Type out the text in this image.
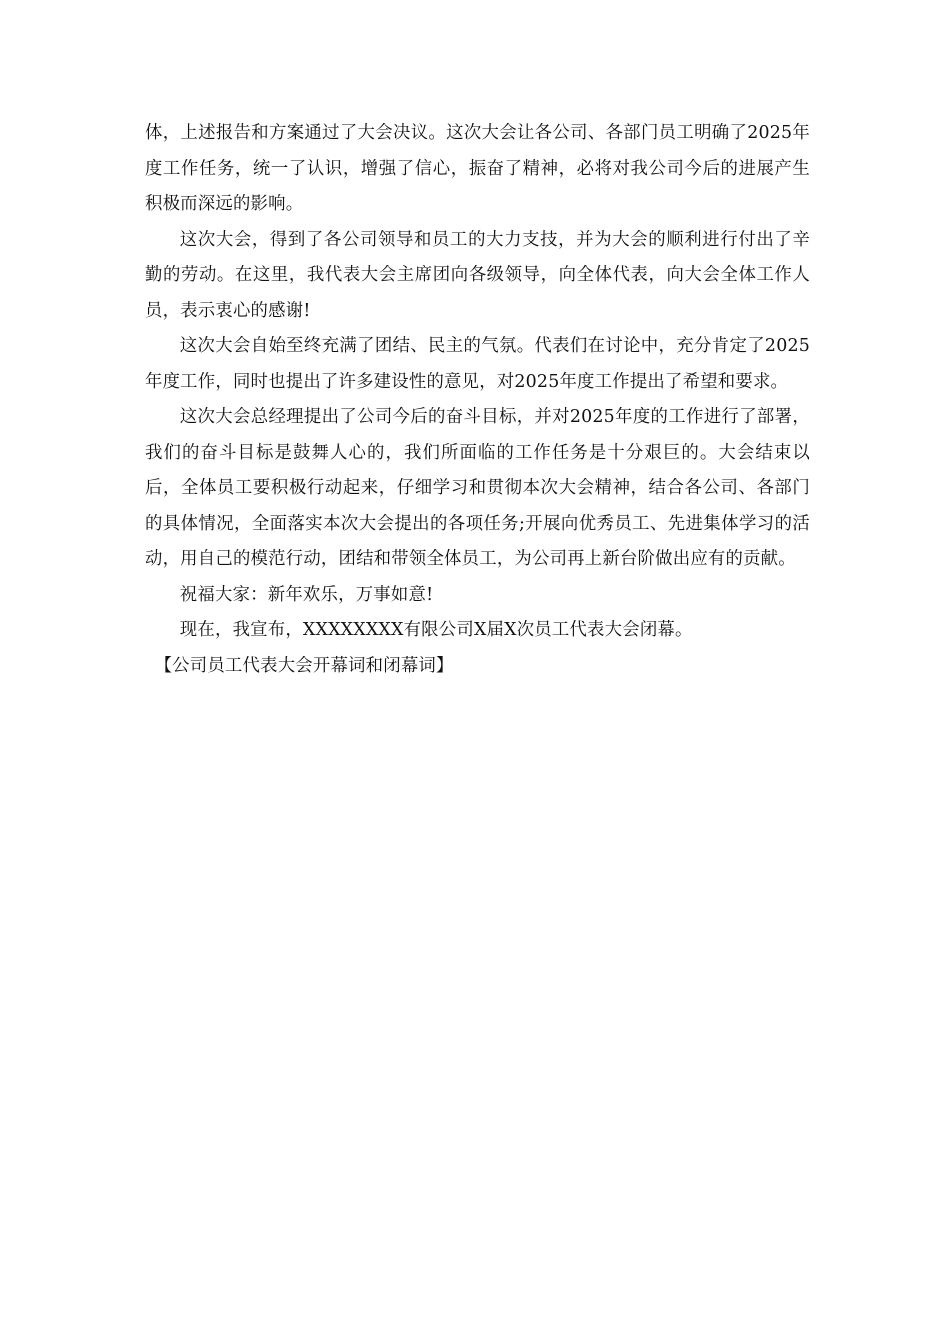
体，上述报告和方案通过了大会决议。这次大会让各公司、各部门员工明确了2025年度工作任务，统一了认识，增强了信心，振奋了精神，必将对我公司今后的进展产生积极而深远的影响。

这次大会，得到了各公司领导和员工的大力支技，并为大会的顺利进行付出了辛勤的劳动。在这里，我代表大会主席团向各级领导，向全体代表，向大会全体工作人员，表示衷心的感谢!

这次大会自始至终充满了团结、民主的气氛。代表们在讨论中，充分肯定了2025年度工作，同时也提出了许多建设性的意见，对2025年度工作提出了希望和要求。

这次大会总经理提出了公司今后的奋斗目标，并对2025年度的工作进行了部署，我们的奋斗目标是鼓舞人心的，我们所面临的工作任务是十分艰巨的。大会结束以后，全体员工要积极行动起来，仔细学习和贯彻本次大会精神，结合各公司、各部门的具体情况，全面落实本次大会提出的各项任务;开展向优秀员工、先进集体学习的活动，用自己的模范行动，团结和带领全体员工，为公司再上新台阶做出应有的贡献。

祝福大家：新年欢乐，万事如意!

现在，我宣布，XXXXXXXX有限公司X届X次员工代表大会闭幕。

【公司员工代表大会开幕词和闭幕词】
